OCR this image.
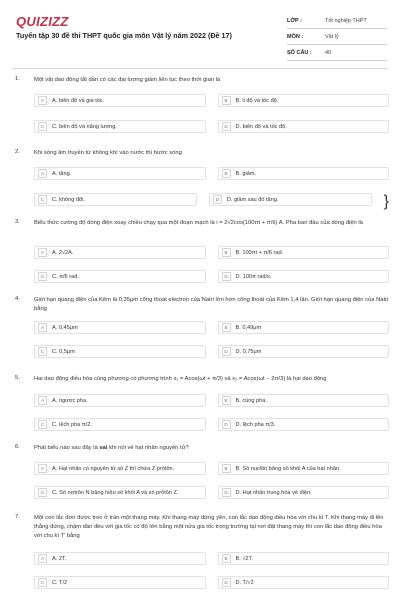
QUIZIZZ
Tuyển tập 30 đề thi THPT quốc gia môn Vật lý năm 2022 (Đề 17)
LỚP :	Tốt nghiệp THPT
MÔN :	Vật lý
SỐ CÂU :	40
1. Một vật dao động tắt dần có các đại lượng giảm liên tục theo thời gian là
A	A. biên độ và gia tốc.	B	B. li độ và tốc độ.
C	C. biên độ và năng lượng.	D	D. biên độ và tốc độ.
2. Khi sóng âm truyền từ không khí vào nước thì bước sóng
A	A. tăng.	B	B. giảm.
C	C. không đổi.	D	D. giảm sau đó tăng.	}
3. Biểu thức cường độ dòng điện xoay chiều chạy qua một đoạn mạch là i = 2√2cos(100πt + π/6) A. Pha ban đầu của dòng điện là
A	A. 2√2A.	B	B. 100πt + π/6 rad.
C	C. π/6 rad.	D	D. 100π rad/s.
4. Giới hạn quang điện của Kẽm là 0,35μm công thoát electron của Natri lớn hơn công thoát của Kẽm 1,4 lần. Giới hạn quang điện của Natri bằng
A	A. 0,45μm	B	B. 0,49μm
C	C. 0,5μm	D	D. 0,75μm
5. Hai dao động điều hòa cùng phương có phương trình x₁ = Acos(ωt + π/3) và x₂ = Acos(ωt − 2π/3) là hai dao động
A	A. ngược pha.	B	B. cùng pha.
C	C. lệch pha π/2.	D	D. lệch pha π/3.
6. Phát biểu nào sau đây là sai khi nói về hạt nhân nguyên tử?
A	A. Hạt nhân có nguyên tử số Z thì chứa Z prôtôn.	B	B. Số nuclôn bằng số khối A của hạt nhân.
C	C. Số nơtrôn N bằng hiệu số khối A và số prôtôn Z.	D	D. Hạt nhân trung hòa về điện.
7. Một con lắc đơn được treo ở trần một thang máy. Khi thang máy đứng yên, con lắc dao động điều hòa với chu kì T. Khi thang máy đi lên thẳng đứng, chậm dần đều với gia tốc có độ lớn bằng một nửa gia tốc trọng trường tại nơi đặt thang máy thì con lắc dao động điều hòa với chu kì T' bằng
A	A. 2T.	B	B. √2T.
C	C. T/2	D	D. T/√2
